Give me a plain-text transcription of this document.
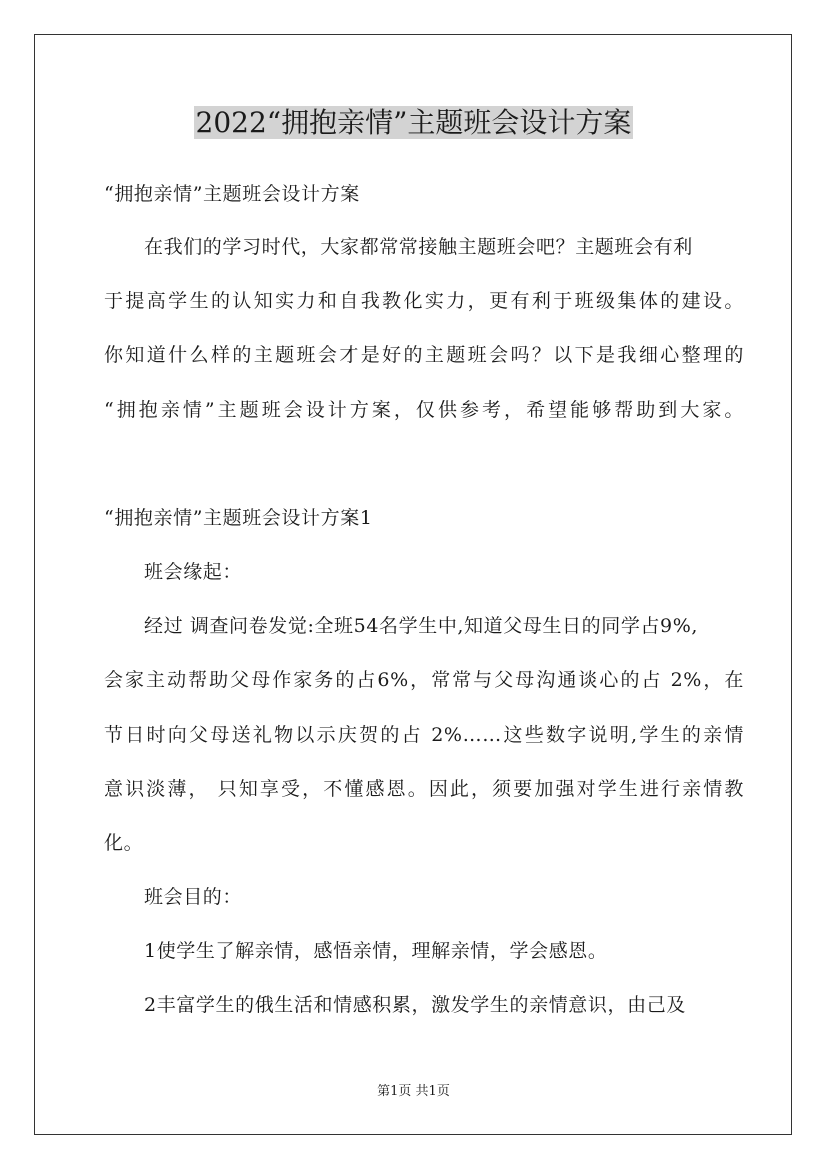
2022“拥抱亲情”主题班会设计方案
“拥抱亲情”主题班会设计方案
在我们的学习时代，大家都常常接触主题班会吧？主题班会有利
于提高学生的认知实力和自我教化实力，更有利于班级集体的建设。
你知道什么样的主题班会才是好的主题班会吗？以下是我细心整理的
“拥抱亲情”主题班会设计方案，仅供参考，希望能够帮助到大家。
“拥抱亲情”主题班会设计方案1
班会缘起：
经过 调查问卷发觉:全班54名学生中,知道父母生日的同学占9%,
会家主动帮助父母作家务的占6%，常常与父母沟通谈心的占 2%，在
节日时向父母送礼物以示庆贺的占 2%……这些数字说明,学生的亲情
意识淡薄， 只知享受，不懂感恩。因此，须要加强对学生进行亲情教
化。
班会目的：
1使学生了解亲情，感悟亲情，理解亲情，学会感恩。
2丰富学生的俄生活和情感积累，激发学生的亲情意识，由己及
第1页 共1页
